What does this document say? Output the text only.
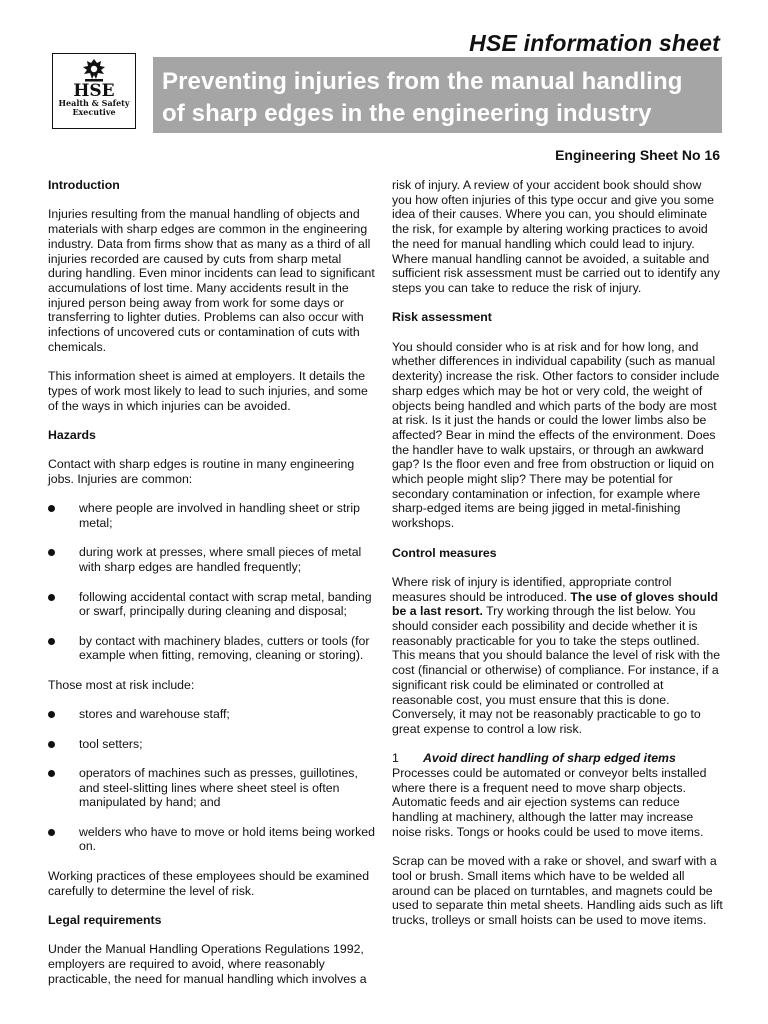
HSE information sheet
HSE
Health & Safety
Executive
Preventing injuries from the manual handling
of sharp edges in the engineering industry
Engineering Sheet No 16
Introduction

Injuries resulting from the manual handling of objects and materials with sharp edges are common in the engineering industry. Data from firms show that as many as a third of all injuries recorded are caused by cuts from sharp metal during handling. Even minor incidents can lead to significant accumulations of lost time. Many accidents result in the injured person being away from work for some days or transferring to lighter duties. Problems can also occur with infections of uncovered cuts or contamination of cuts with chemicals.

This information sheet is aimed at employers. It details the types of work most likely to lead to such injuries, and some of the ways in which injuries can be avoided.

Hazards

Contact with sharp edges is routine in many engineering jobs. Injuries are common:

where people are involved in handling sheet or strip metal;
during work at presses, where small pieces of metal with sharp edges are handled frequently;
following accidental contact with scrap metal, banding or swarf, principally during cleaning and disposal;
by contact with machinery blades, cutters or tools (for example when fitting, removing, cleaning or storing).

Those most at risk include:

stores and warehouse staff;
tool setters;
operators of machines such as presses, guillotines, and steel-slitting lines where sheet steel is often manipulated by hand; and
welders who have to move or hold items being worked on.

Working practices of these employees should be examined carefully to determine the level of risk.

Legal requirements

Under the Manual Handling Operations Regulations 1992, employers are required to avoid, where reasonably practicable, the need for manual handling which involves a

risk of injury. A review of your accident book should show you how often injuries of this type occur and give you some idea of their causes. Where you can, you should eliminate the risk, for example by altering working practices to avoid the need for manual handling which could lead to injury. Where manual handling cannot be avoided, a suitable and sufficient risk assessment must be carried out to identify any steps you can take to reduce the risk of injury.

Risk assessment

You should consider who is at risk and for how long, and whether differences in individual capability (such as manual dexterity) increase the risk. Other factors to consider include sharp edges which may be hot or very cold, the weight of objects being handled and which parts of the body are most at risk. Is it just the hands or could the lower limbs also be affected? Bear in mind the effects of the environment. Does the handler have to walk upstairs, or through an awkward gap? Is the floor even and free from obstruction or liquid on which people might slip? There may be potential for secondary contamination or infection, for example where sharp-edged items are being jigged in metal-finishing workshops.

Control measures

Where risk of injury is identified, appropriate control measures should be introduced. The use of gloves should be a last resort. Try working through the list below. You should consider each possibility and decide whether it is reasonably practicable for you to take the steps outlined. This means that you should balance the level of risk with the cost (financial or otherwise) of compliance. For instance, if a significant risk could be eliminated or controlled at reasonable cost, you must ensure that this is done. Conversely, it may not be reasonably practicable to go to great expense to control a low risk.

1 Avoid direct handling of sharp edged items

Processes could be automated or conveyor belts installed where there is a frequent need to move sharp objects. Automatic feeds and air ejection systems can reduce handling at machinery, although the latter may increase noise risks. Tongs or hooks could be used to move items.

Scrap can be moved with a rake or shovel, and swarf with a tool or brush. Small items which have to be welded all around can be placed on turntables, and magnets could be used to separate thin metal sheets. Handling aids such as lift trucks, trolleys or small hoists can be used to move items.
